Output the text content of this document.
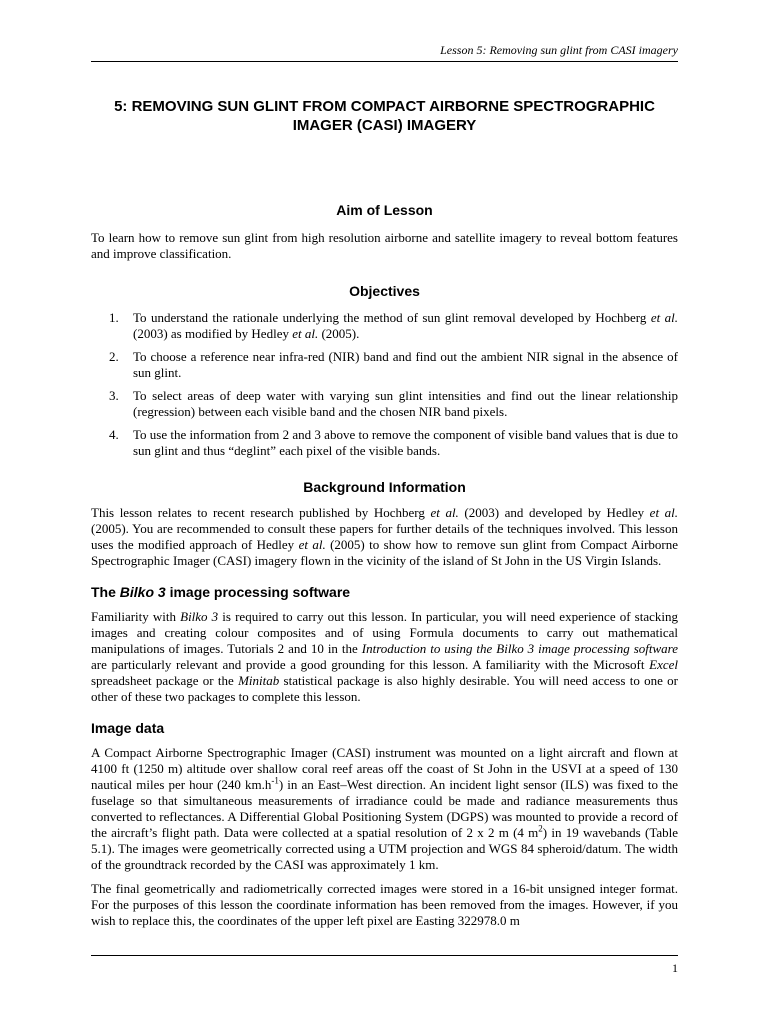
Lesson 5: Removing sun glint from CASI imagery
5: REMOVING SUN GLINT FROM COMPACT AIRBORNE SPECTROGRAPHIC
IMAGER (CASI) IMAGERY
Aim of Lesson

To learn how to remove sun glint from high resolution airborne and satellite imagery to reveal bottom features and improve classification.

Objectives
1. To understand the rationale underlying the method of sun glint removal developed by Hochberg et al. (2003) as modified by Hedley et al. (2005).
2. To choose a reference near infra-red (NIR) band and find out the ambient NIR signal in the absence of sun glint.
3. To select areas of deep water with varying sun glint intensities and find out the linear relationship (regression) between each visible band and the chosen NIR band pixels.
4. To use the information from 2 and 3 above to remove the component of visible band values that is due to sun glint and thus “deglint” each pixel of the visible bands.
Background Information

This lesson relates to recent research published by Hochberg et al. (2003) and developed by Hedley et al. (2005). You are recommended to consult these papers for further details of the techniques involved. This lesson uses the modified approach of Hedley et al. (2005) to show how to remove sun glint from Compact Airborne Spectrographic Imager (CASI) imagery flown in the vicinity of the island of St John in the US Virgin Islands.

The Bilko 3 image processing software

Familiarity with Bilko 3 is required to carry out this lesson. In particular, you will need experience of stacking images and creating colour composites and of using Formula documents to carry out mathematical manipulations of images. Tutorials 2 and 10 in the Introduction to using the Bilko 3 image processing software are particularly relevant and provide a good grounding for this lesson. A familiarity with the Microsoft Excel spreadsheet package or the Minitab statistical package is also highly desirable. You will need access to one or other of these two packages to complete this lesson.

Image data

A Compact Airborne Spectrographic Imager (CASI) instrument was mounted on a light aircraft and flown at 4100 ft (1250 m) altitude over shallow coral reef areas off the coast of St John in the USVI at a speed of 130 nautical miles per hour (240 $km.h^{-1}$) in an East–West direction. An incident light sensor (ILS) was fixed to the fuselage so that simultaneous measurements of irradiance could be made and radiance measurements thus converted to reflectances. A Differential Global Positioning System (DGPS) was mounted to provide a record of the aircraft’s flight path. Data were collected at a spatial resolution of 2 x 2 m (4 $m^2$) in 19 wavebands (Table 5.1). The images were geometrically corrected using a UTM projection and WGS 84 spheroid/datum. The width of the groundtrack recorded by the CASI was approximately 1 km.

The final geometrically and radiometrically corrected images were stored in a 16-bit unsigned integer format. For the purposes of this lesson the coordinate information has been removed from the images. However, if you wish to replace this, the coordinates of the upper left pixel are Easting 322978.0 m

1
